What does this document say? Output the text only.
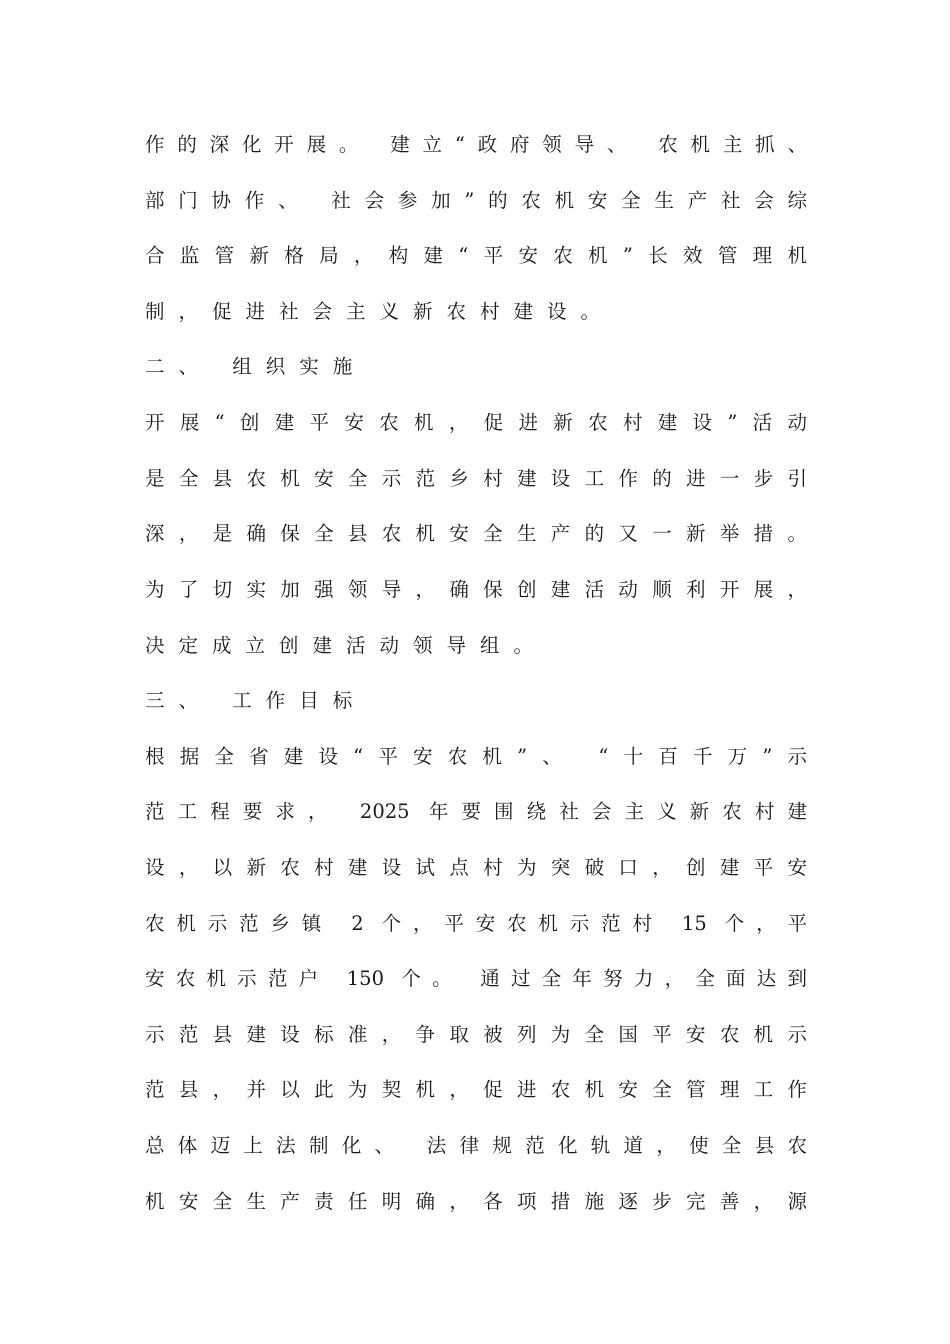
作的深化开展。 建立“政府领导、 农机主抓、
部门协作、 社会参加”的农机安全生产社会综
合监管新格局，构建“平安农机”长效管理机
制，促进社会主义新农村建设。
二、 组织实施
开展“创建平安农机，促进新农村建设”活动
是全县农机安全示范乡村建设工作的进一步引
深，是确保全县农机安全生产的又一新举措。
为了切实加强领导，确保创建活动顺利开展，
决定成立创建活动领导组。
三、 工作目标
根据全省建设“平安农机”、 “十百千万”示
范工程要求， 2025 年要围绕社会主义新农村建
设，以新农村建设试点村为突破口，创建平安
农机示范乡镇 2 个，平安农机示范村 15 个，平
安农机示范户 150 个。 通过全年努力，全面达到
示范县建设标准，争取被列为全国平安农机示
范县，并以此为契机，促进农机安全管理工作
总体迈上法制化、 法律规范化轨道，使全县农
机安全生产责任明确，各项措施逐步完善，源
